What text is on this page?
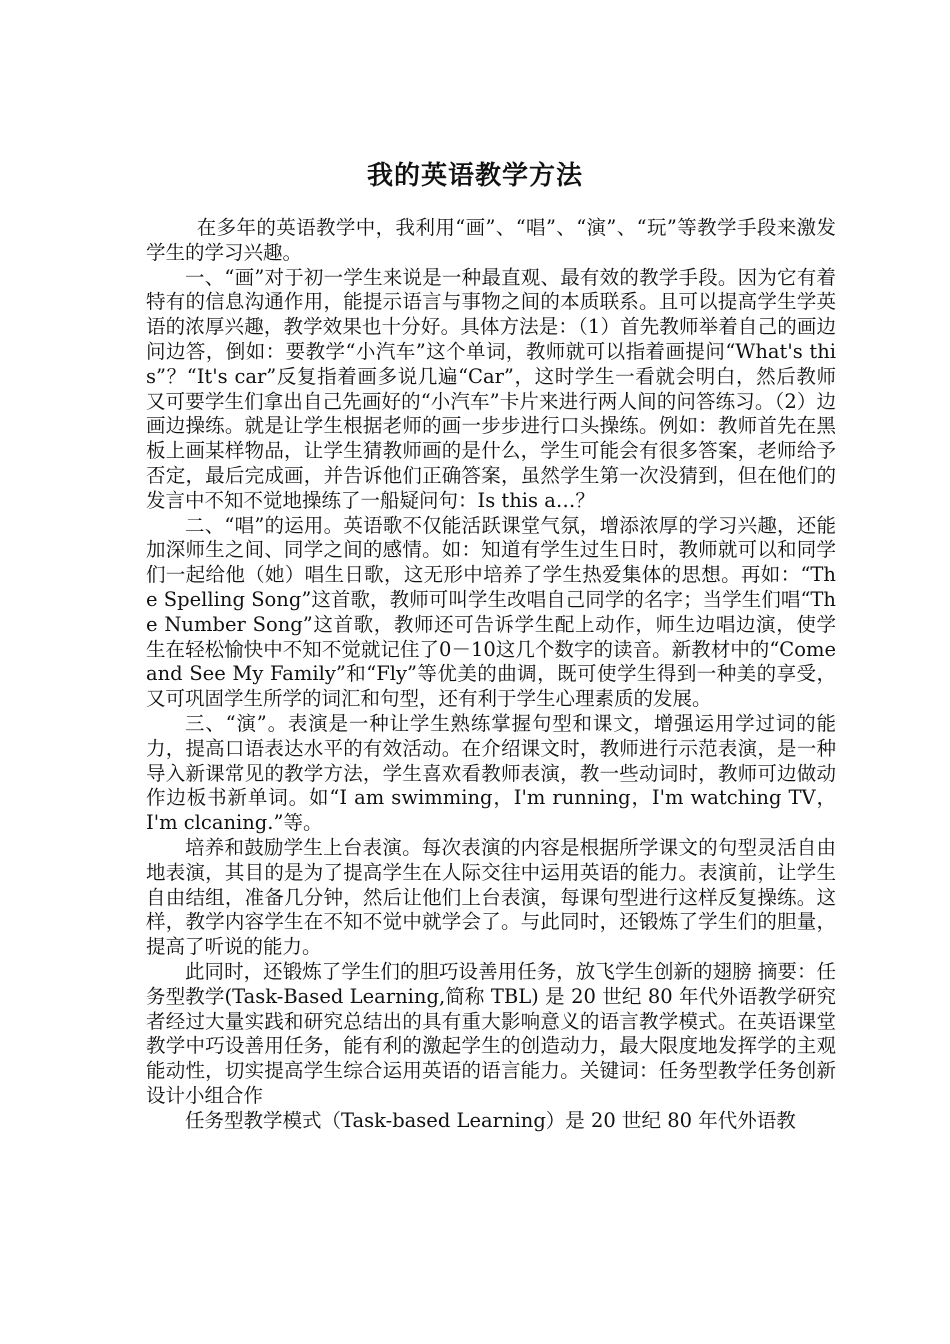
我的英语教学方法

在多年的英语教学中，我利用“画”、“唱”、“演”、“玩”等教学手段来激发学生的学习兴趣。

一、“画”对于初一学生来说是一种最直观、最有效的教学手段。因为它有着特有的信息沟通作用，能提示语言与事物之间的本质联系。且可以提高学生学英语的浓厚兴趣，教学效果也十分好。具体方法是：（1）首先教师举着自己的画边问边答，倒如：要教学“小汽车”这个单词，教师就可以指着画提问“What's this”？“It's car”反复指着画多说几遍“Car”，这时学生一看就会明白，然后教师又可要学生们拿出自己先画好的“小汽车”卡片来进行两人间的问答练习。（2）边画边操练。就是让学生根据老师的画一步步进行口头操练。例如：教师首先在黑板上画某样物品，让学生猜教师画的是什么，学生可能会有很多答案，老师给予否定，最后完成画，并告诉他们正确答案，虽然学生第一次没猜到，但在他们的发言中不知不觉地操练了一船疑问句：Is this a…？

二、“唱”的运用。英语歌不仅能活跃课堂气氛，增添浓厚的学习兴趣，还能加深师生之间、同学之间的感情。如：知道有学生过生日时，教师就可以和同学们一起给他（她）唱生日歌，这无形中培养了学生热爱集体的思想。再如：“The Spelling Song”这首歌，教师可叫学生改唱自己同学的名字；当学生们唱“The Number Song”这首歌，教师还可告诉学生配上动作，师生边唱边演，使学生在轻松愉快中不知不觉就记住了0－10这几个数字的读音。新教材中的“Come and See My Family”和“Fly”等优美的曲调，既可使学生得到一种美的享受，又可巩固学生所学的词汇和句型，还有利于学生心理素质的发展。

三、“演”。表演是一种让学生熟练掌握句型和课文，增强运用学过词的能力，提高口语表达水平的有效活动。在介绍课文时，教师进行示范表演，是一种导入新课常见的教学方法，学生喜欢看教师表演，教一些动词时，教师可边做动作边板书新单词。如“I am swimming，I'm running，I'm watching TV，I'm clcaning.”等。

培养和鼓励学生上台表演。每次表演的内容是根据所学课文的句型灵活自由地表演，其目的是为了提高学生在人际交往中运用英语的能力。表演前，让学生自由结组，准备几分钟，然后让他们上台表演，每课句型进行这样反复操练。这样，教学内容学生在不知不觉中就学会了。与此同时，还锻炼了学生们的胆量，提高了听说的能力。

此同时，还锻炼了学生们的胆巧设善用任务，放飞学生创新的翅膀 摘要：任务型教学(Task-Based Learning,简称 TBL) 是 20 世纪 80 年代外语教学研究者经过大量实践和研究总结出的具有重大影响意义的语言教学模式。在英语课堂教学中巧设善用任务，能有利的激起学生的创造动力，最大限度地发挥学的主观能动性，切实提高学生综合运用英语的语言能力。关键词：任务型教学任务创新设计小组合作

任务型教学模式（Task-based Learning）是 20 世纪 80 年代外语教
